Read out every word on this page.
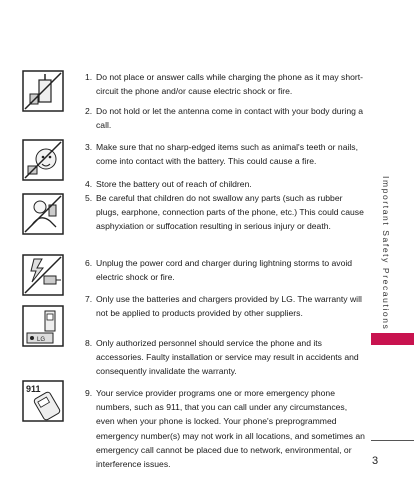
LG
911
1. Do not place or answer calls while charging the phone as it may short-circuit the phone and/or cause electric shock or fire.
2. Do not hold or let the antenna come in contact with your body during a call.
3. Make sure that no sharp-edged items such as animal's teeth or nails, come into contact with the battery. This could cause a fire.
4. Store the battery out of reach of children.
5. Be careful that children do not swallow any parts (such as rubber plugs, earphone, connection parts of the phone, etc.) This could cause asphyxiation or suffocation resulting in serious injury or death.
6. Unplug the power cord and charger during lightning storms to avoid electric shock or fire.
7. Only use the batteries and chargers provided by LG. The warranty will not be applied to products provided by other suppliers.
8. Only authorized personnel should service the phone and its accessories. Faulty installation or service may result in accidents and consequently invalidate the warranty.
9. Your service provider programs one or more emergency phone numbers, such as 911, that you can call under any circumstances, even when your phone is locked. Your phone's preprogrammed emergency number(s) may not work in all locations, and sometimes an emergency call cannot be placed due to network, environmental, or interference issues.
Important Safety Precautions
3
